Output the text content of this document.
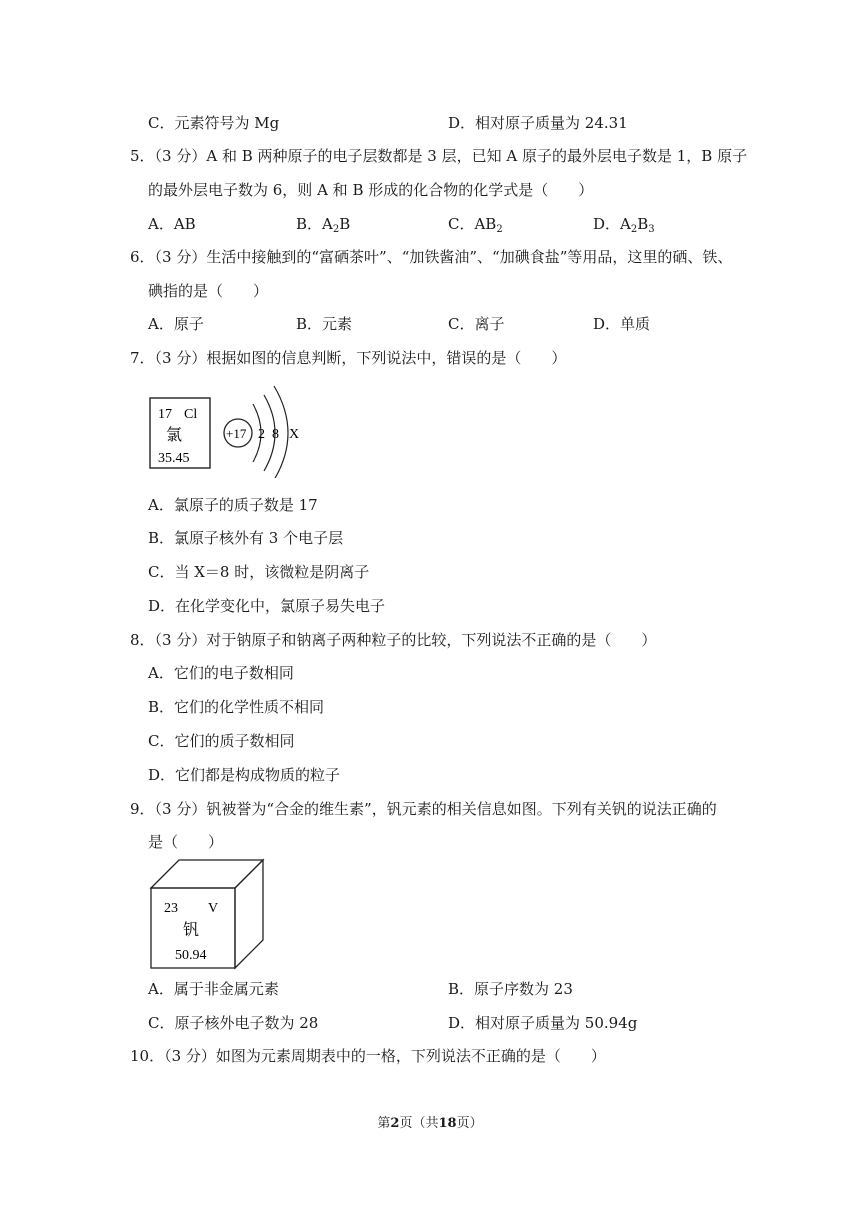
C．元素符号为 Mg	D．相对原子质量为 24.31
5．（3 分）A 和 B 两种原子的电子层数都是 3 层，已知 A 原子的最外层电子数是 1，B 原子
的最外层电子数为 6，则 A 和 B 形成的化合物的化学式是（　　）
A．AB	B．$A_2B$	C．$AB_2$	D．$A_2B_3$
6．（3 分）生活中接触到的“富硒茶叶”、“加铁酱油”、“加碘食盐”等用品，这里的硒、铁、
碘指的是（　　）
A．原子	B．元素	C．离子	D．单质
7．（3 分）根据如图的信息判断，下列说法中，错误的是（　　）
17 Cl
氯
35.45
+17 2 8 X
A．氯原子的质子数是 17
B．氯原子核外有 3 个电子层
C．当 X＝8 时，该微粒是阴离子
D．在化学变化中，氯原子易失电子
8．（3 分）对于钠原子和钠离子两种粒子的比较，下列说法不正确的是（　　）
A．它们的电子数相同
B．它们的化学性质不相同
C．它们的质子数相同
D．它们都是构成物质的粒子
9．（3 分）钒被誉为“合金的维生素”，钒元素的相关信息如图。下列有关钒的说法正确的
是（　　）
23 V
钒
50.94
A．属于非金属元素	B．原子序数为 23
C．原子核外电子数为 28	D．相对原子质量为 50.94g
10．（3 分）如图为元素周期表中的一格，下列说法不正确的是（　　）
第2页（共18页）
